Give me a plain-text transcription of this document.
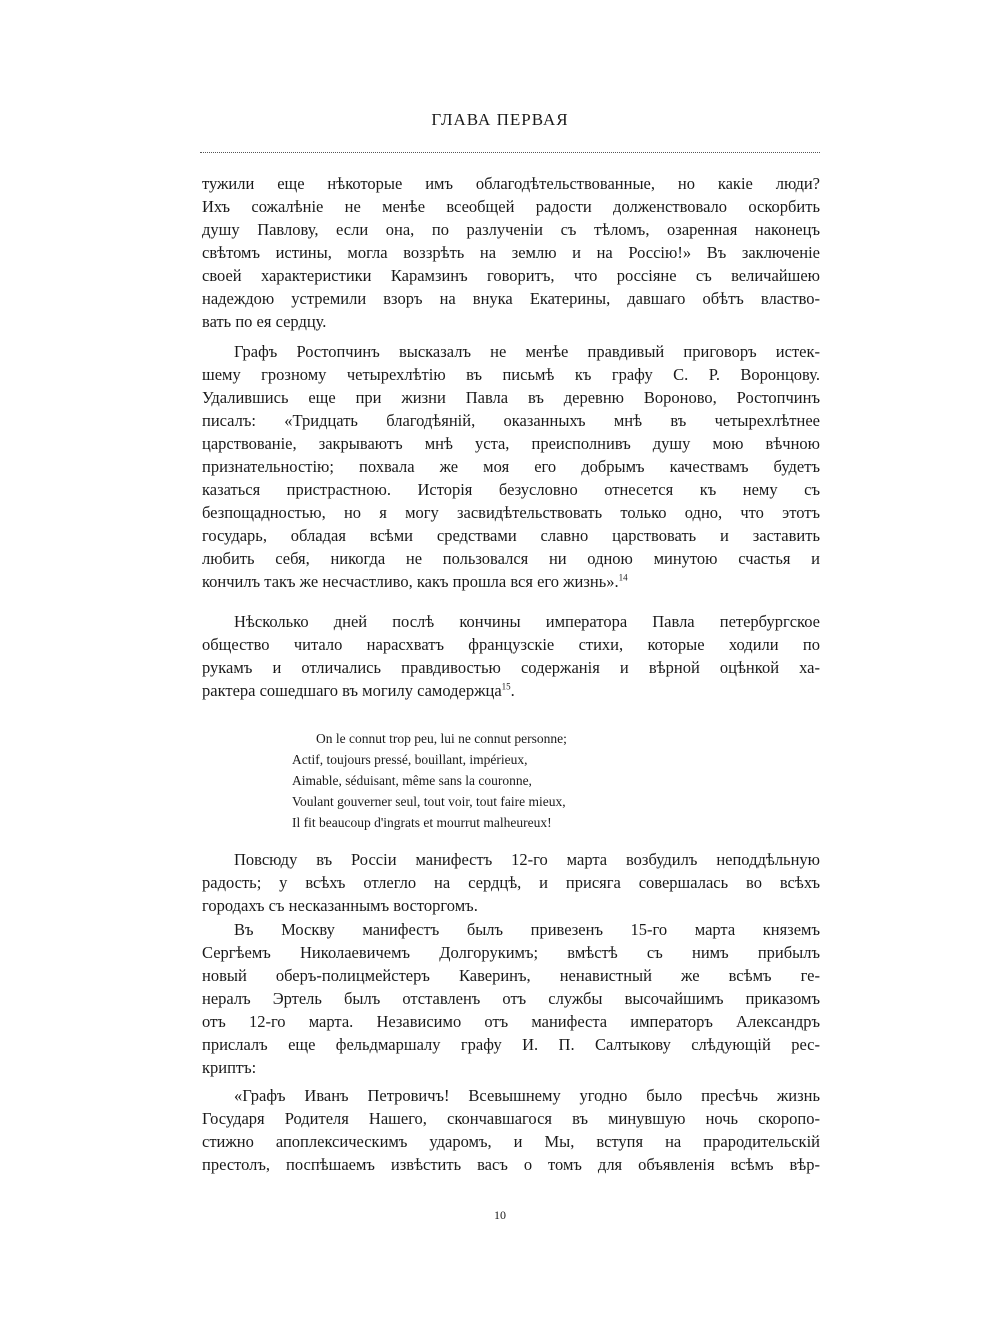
ГЛАВА ПЕРВАЯ
тужили еще нѣкоторые имъ облагодѣтельствованные, но какіе люди?
Ихъ сожалѣніе не менѣе всеобщей радости долженствовало оскорбить
душу Павлову, если она, по разлученіи съ тѣломъ, озаренная наконецъ
свѣтомъ истины, могла воззрѣть на землю и на Россію!» Въ заключеніе
своей характеристики Карамзинъ говоритъ, что россіяне съ величайшею
надеждою устремили взоръ на внука Екатерины, давшаго обѣтъ властво-
вать по ея сердцу.
Графъ Ростопчинъ высказалъ не менѣе правдивый приговоръ истек-
шему грозному четырехлѣтію въ письмѣ къ графу С. Р. Воронцову.
Удалившись еще при жизни Павла въ деревню Вороново, Ростопчинъ
писалъ: «Тридцать благодѣяній, оказанныхъ мнѣ въ четырехлѣтнее
царствованіе, закрываютъ мнѣ уста, преисполнивъ душу мою вѣчною
признательностію; похвала же моя его добрымъ качествамъ будетъ
казаться пристрастною. Исторія безусловно отнесется къ нему съ
безпощадностью, но я могу засвидѣтельствовать только одно, что этотъ
государь, обладая всѣми средствами славно царствовать и заставить
любить себя, никогда не пользовался ни одною минутою счастья и
кончилъ такъ же несчастливо, какъ прошла вся его жизнь».$^{14}$
Нѣсколько дней послѣ кончины императора Павла петербургское
общество читало нарасхватъ французскіе стихи, которые ходили по
рукамъ и отличались правдивостью содержанія и вѣрной оцѣнкой ха-
рактера сошедшаго въ могилу самодержца$^{15}$.
On le connut trop peu, lui ne connut personne;
Actif, toujours pressé, bouillant, impérieux,
Aimable, séduisant, même sans la couronne,
Voulant gouverner seul, tout voir, tout faire mieux,
Il fit beaucoup d'ingrats et mourrut malheureux!
Повсюду въ Россіи манифестъ 12-го марта возбудилъ неподдѣльную
радость; у всѣхъ отлегло на сердцѣ, и присяга совершалась во всѣхъ
городахъ съ несказаннымъ восторгомъ.
Въ Москву манифестъ былъ привезенъ 15-го марта княземъ
Сергѣемъ Николаевичемъ Долгорукимъ; вмѣстѣ съ нимъ прибылъ
новый оберъ-полицмейстеръ Каверинъ, ненавистный же всѣмъ ге-
нералъ Эртель былъ отставленъ отъ службы высочайшимъ приказомъ
отъ 12-го марта. Независимо отъ манифеста императоръ Александръ
прислалъ еще фельдмаршалу графу И. П. Салтыкову слѣдующій рес-
криптъ:
«Графъ Иванъ Петровичъ! Всевышнему угодно было пресѣчь жизнь
Государя Родителя Нашего, скончавшагося въ минувшую ночь скоропо-
стижно апоплексическимъ ударомъ, и Мы, вступя на прародительскій
престолъ, поспѣшаемъ извѣстить васъ о томъ для объявленія всѣмъ вѣр-
10
